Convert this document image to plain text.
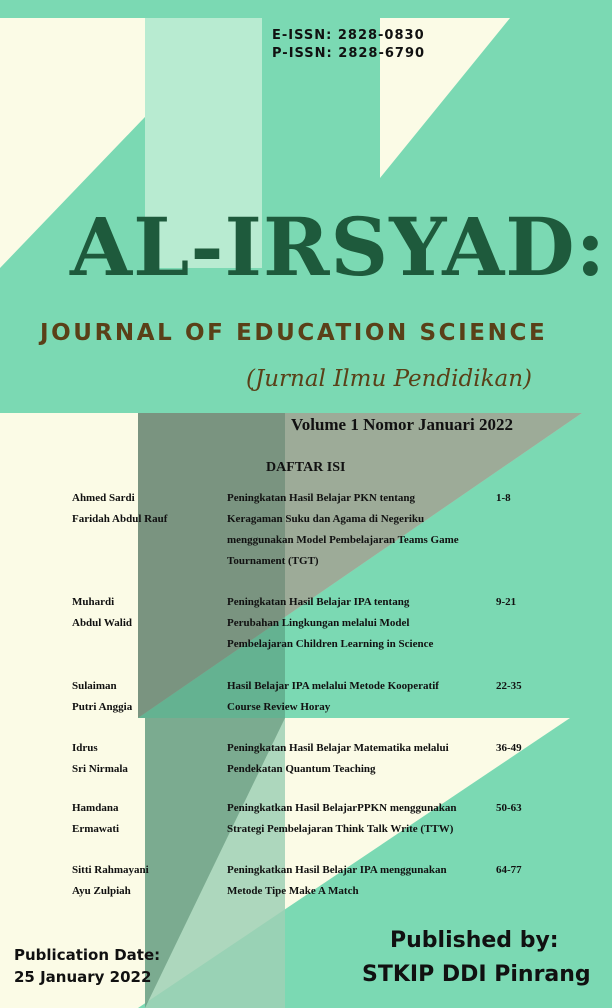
E-ISSN: 2828-0830

P-ISSN: 2828-6790

AL-IRSYAD:

JOURNAL OF EDUCATION SCIENCE

(Jurnal Ilmu Pendidikan)

Volume 1 Nomor Januari 2022

DAFTAR ISI

Ahmed Sardi
Faridah Abdul Rauf
Peningkatan Hasil Belajar PKN tentang
Keragaman Suku dan Agama di Negeriku
menggunakan Model Pembelajaran Teams Game
Tournament (TGT)
1-8
Muhardi
Abdul Walid
Peningkatan Hasil Belajar IPA tentang
Perubahan Lingkungan melalui Model
Pembelajaran Children Learning in Science
9-21
Sulaiman
Putri Anggia
Hasil Belajar IPA melalui Metode Kooperatif
Course Review Horay
22-35
Idrus
Sri Nirmala
Peningkatan Hasil Belajar Matematika melalui
Pendekatan Quantum Teaching
36-49
Hamdana
Ermawati
Peningkatkan Hasil BelajarPPKN menggunakan
Strategi Pembelajaran Think Talk Write (TTW)
50-63
Sitti Rahmayani
Ayu Zulpiah
Peningkatkan Hasil Belajar IPA menggunakan
Metode Tipe Make A Match
64-77
Publication Date:
25 January 2022

Published by:

STKIP DDI Pinrang
